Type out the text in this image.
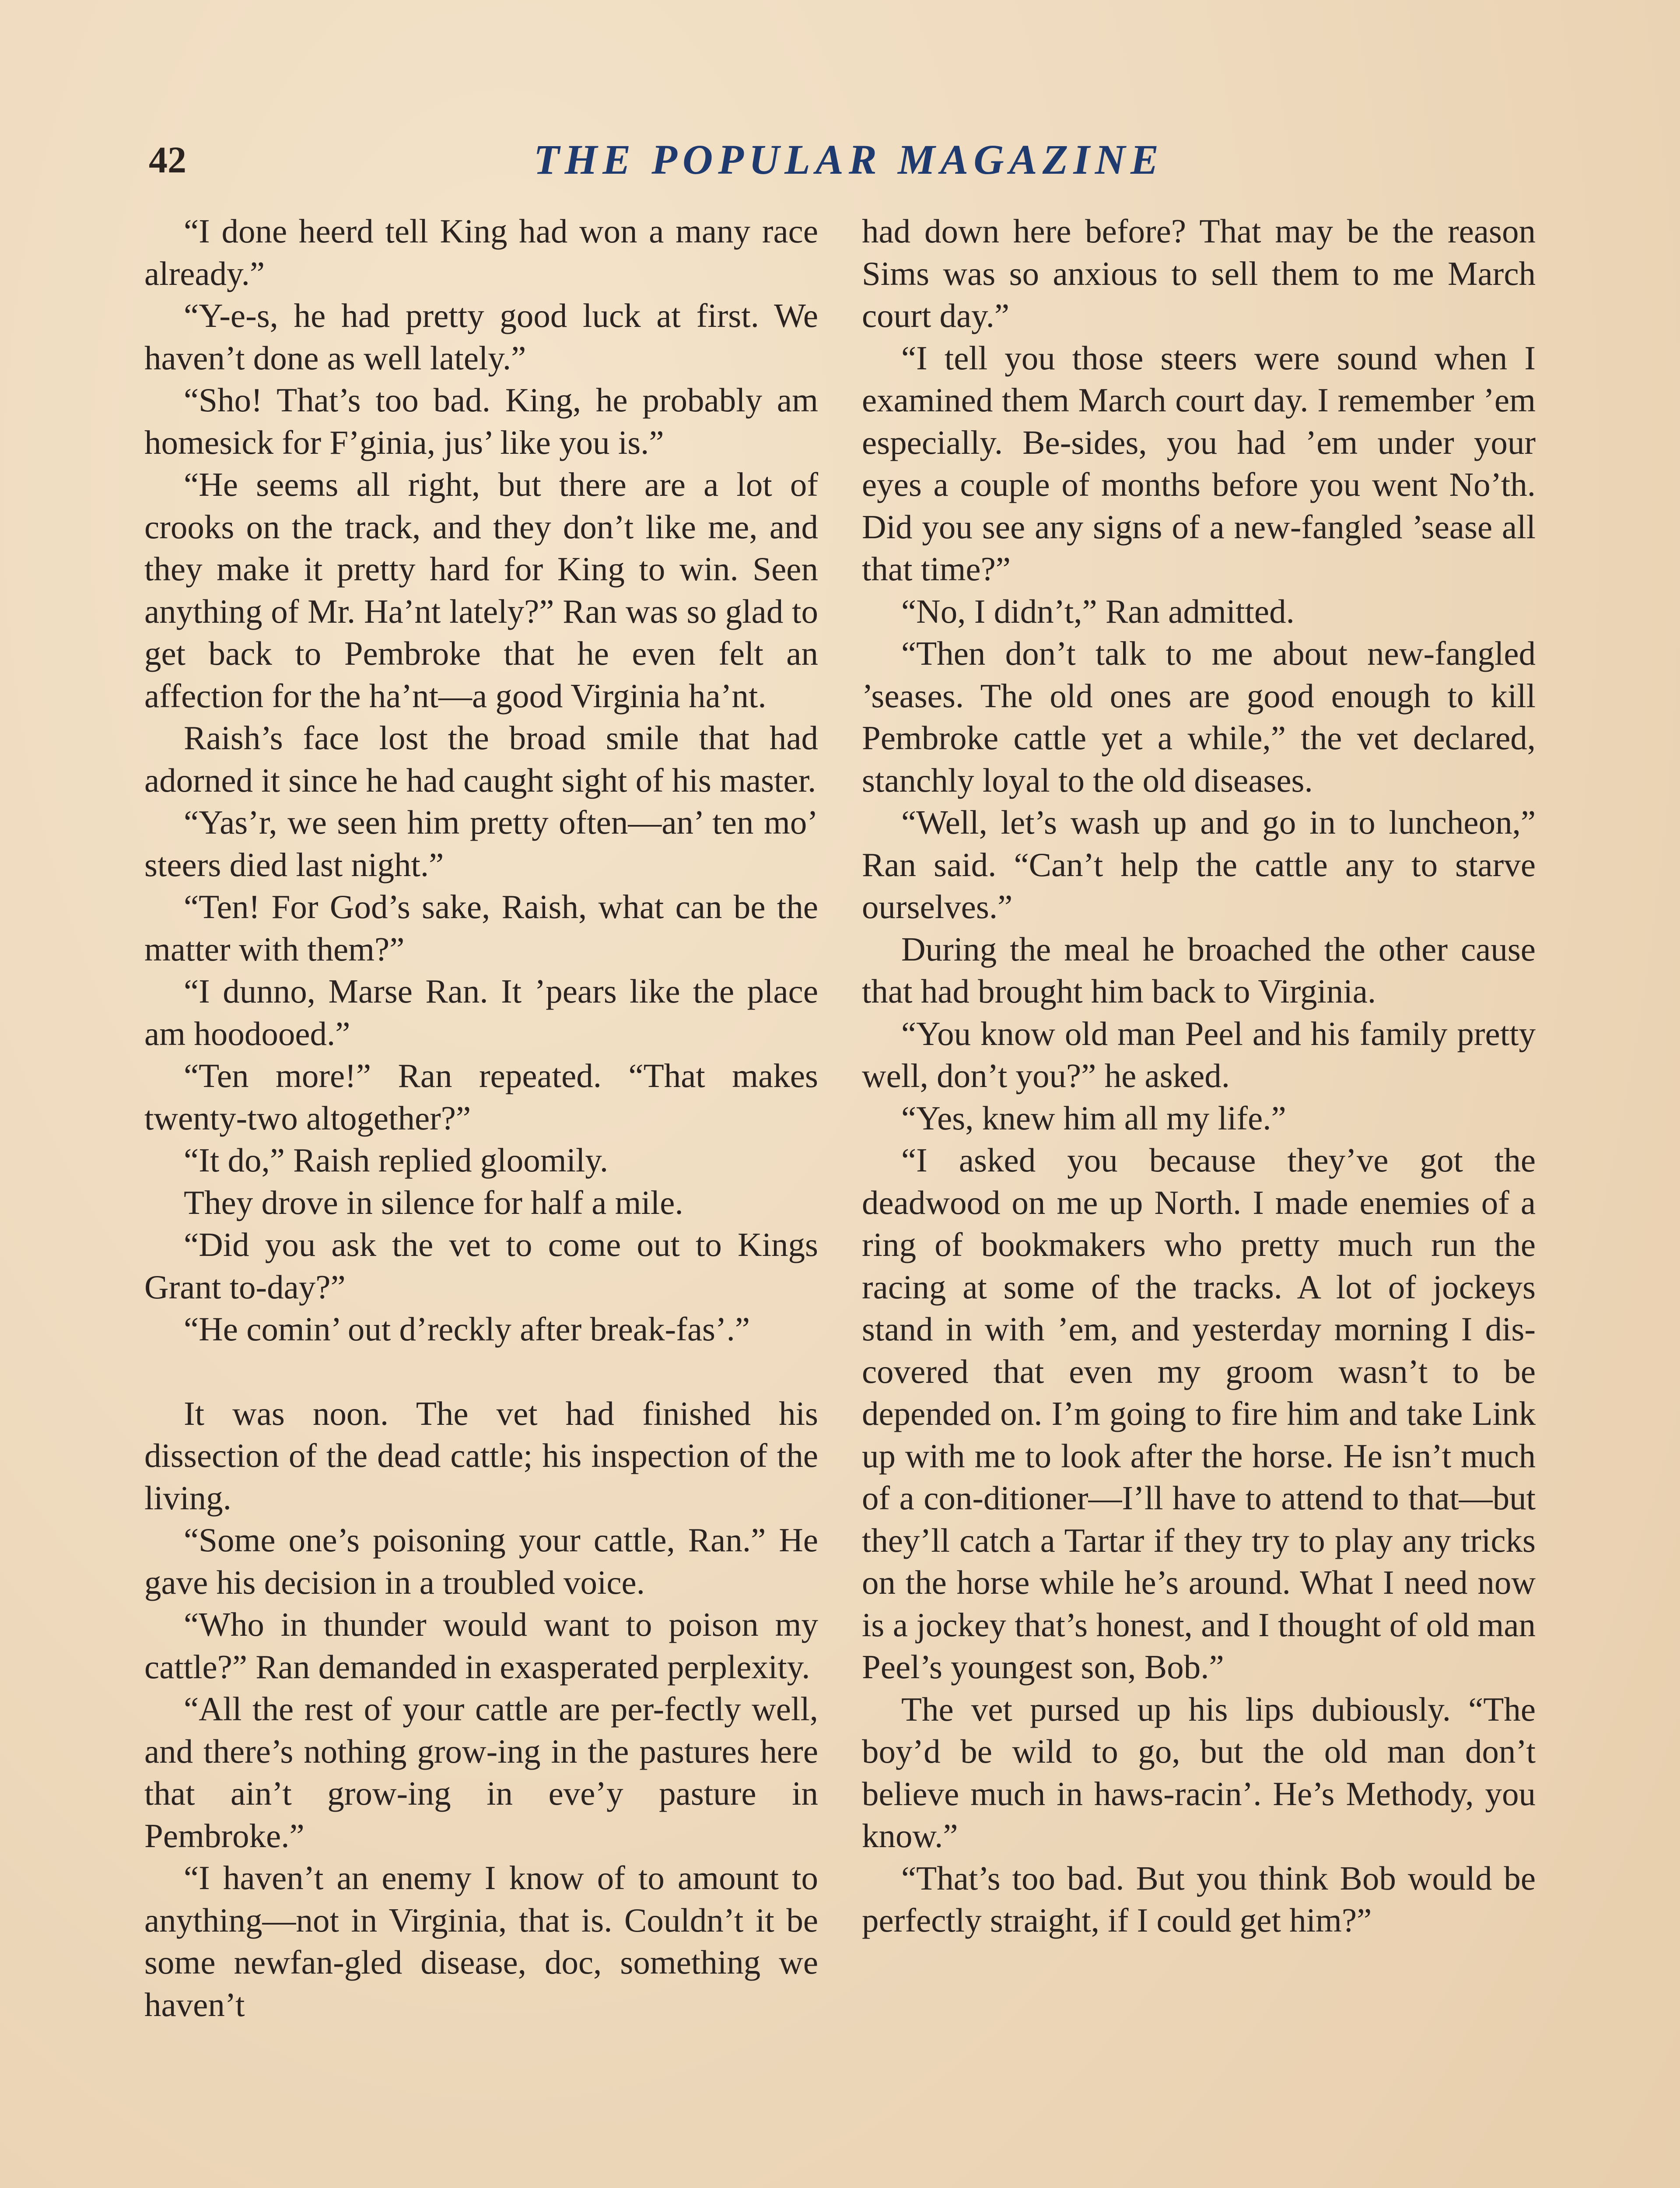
42	THE POPULAR MAGAZINE

“I done heerd tell King had won a many race already.”

“Y-e-s, he had pretty good luck at first. We haven’t done as well lately.”

“Sho! That’s too bad. King, he probably am homesick for F’ginia, jus’ like you is.”

“He seems all right, but there are a lot of crooks on the track, and they don’t like me, and they make it pretty hard for King to win. Seen anything of Mr. Ha’nt lately?” Ran was so glad to get back to Pembroke that he even felt an affection for the ha’nt—a good Virginia ha’nt.

Raish’s face lost the broad smile that had adorned it since he had caught sight of his master.

“Yas’r, we seen him pretty often—an’ ten mo’ steers died last night.”

“Ten! For God’s sake, Raish, what can be the matter with them?”

“I dunno, Marse Ran. It ’pears like the place am hoodooed.”

“Ten more!” Ran repeated. “That makes twenty-two altogether?”

“It do,” Raish replied gloomily.

They drove in silence for half a mile.

“Did you ask the vet to come out to Kings Grant to-day?”

“He comin’ out d’reckly after break-fas’.”

It was noon. The vet had finished his dissection of the dead cattle; his inspection of the living.

“Some one’s poisoning your cattle, Ran.” He gave his decision in a troubled voice.

“Who in thunder would want to poison my cattle?” Ran demanded in exasperated perplexity.

“All the rest of your cattle are per-fectly well, and there’s nothing grow-ing in the pastures here that ain’t grow-ing in eve’y pasture in Pembroke.”

“I haven’t an enemy I know of to amount to anything—not in Virginia, that is. Couldn’t it be some newfan-gled disease, doc, something we haven’t

had down here before? That may be the reason Sims was so anxious to sell them to me March court day.”

“I tell you those steers were sound when I examined them March court day. I remember ’em especially. Be-sides, you had ’em under your eyes a couple of months before you went No’th. Did you see any signs of a new-fangled ’sease all that time?”

“No, I didn’t,” Ran admitted.

“Then don’t talk to me about new-fangled ’seases. The old ones are good enough to kill Pembroke cattle yet a while,” the vet declared, stanchly loyal to the old diseases.

“Well, let’s wash up and go in to luncheon,” Ran said. “Can’t help the cattle any to starve ourselves.”

During the meal he broached the other cause that had brought him back to Virginia.

“You know old man Peel and his family pretty well, don’t you?” he asked.

“Yes, knew him all my life.”

“I asked you because they’ve got the deadwood on me up North. I made enemies of a ring of bookmakers who pretty much run the racing at some of the tracks. A lot of jockeys stand in with ’em, and yesterday morning I dis-covered that even my groom wasn’t to be depended on. I’m going to fire him and take Link up with me to look after the horse. He isn’t much of a con-ditioner—I’ll have to attend to that—but they’ll catch a Tartar if they try to play any tricks on the horse while he’s around. What I need now is a jockey that’s honest, and I thought of old man Peel’s youngest son, Bob.”

The vet pursed up his lips dubiously. “The boy’d be wild to go, but the old man don’t believe much in haws-racin’. He’s Methody, you know.”

“That’s too bad. But you think Bob would be perfectly straight, if I could get him?”
